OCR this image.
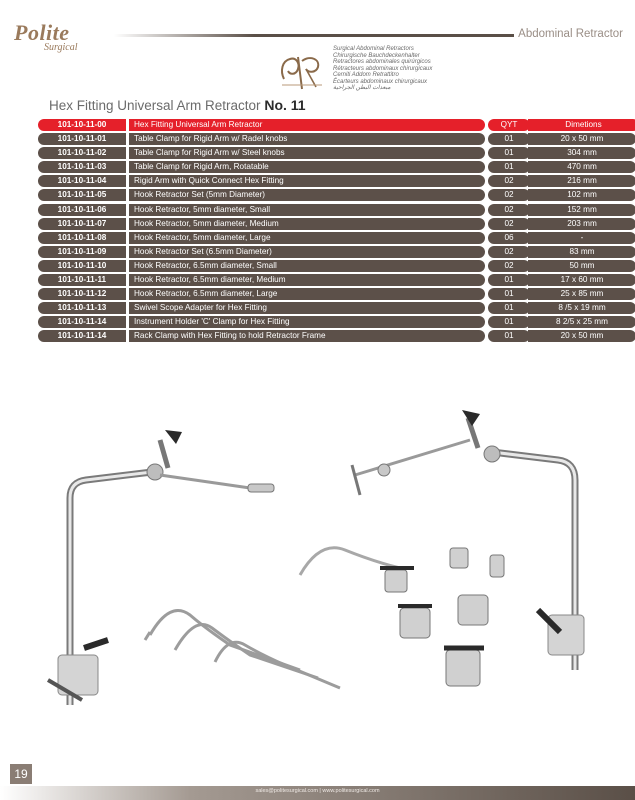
Polite
Surgical
Abdominal Retractor
Surgical Abdominal Retractors
Chirurgische Bauchdeckenhalter
Retractores abdominales quirúrgicos
Rétracteurs abdominaux chirurgicaux
Cerniti Addom Retrattitro
Écarteurs abdominaux chirurgicaux
مبعدات البطن الجراحية
Hex Fitting Universal Arm Retractor No. 11
101-10-11-00	Hex Fitting Universal Arm Retractor	QYT	Dimetions
101-10-11-01	Table Clamp for Rigid Arm w/ Radel knobs	01	20 x 50 mm
101-10-11-02	Table Clamp for Rigid Arm w/ Steel knobs	01	304 mm
101-10-11-03	Table Clamp for Rigid Arm, Rotatable	01	470 mm
101-10-11-04	Rigid Arm with Quick Connect Hex Fitting	02	216 mm
101-10-11-05	Hook Retractor Set (5mm Diameter)	02	102 mm
101-10-11-06	Hook Retractor, 5mm diameter, Small	02	152 mm
101-10-11-07	Hook Retractor, 5mm diameter, Medium	02	203 mm
101-10-11-08	Hook Retractor, 5mm diameter, Large	06	-
101-10-11-09	Hook Retractor Set (6.5mm Diameter)	02	83 mm
101-10-11-10	Hook Retractor, 6.5mm diameter, Small	02	50 mm
101-10-11-11	Hook Retractor, 6.5mm diameter, Medium	01	17 x 60 mm
101-10-11-12	Hook Retractor, 6.5mm diameter, Large	01	25 x 85 mm
101-10-11-13	Swivel Scope Adapter for Hex Fitting	01	8 /5 x 19 mm
101-10-11-14	Instrument Holder 'C' Clamp for Hex Fitting	01	8 2/5 x 25 mm
101-10-11-14	Rack Clamp with Hex Fitting to hold Retractor Frame	01	20 x 50 mm
19
sales@politesurgical.com | www.politesurgical.com
